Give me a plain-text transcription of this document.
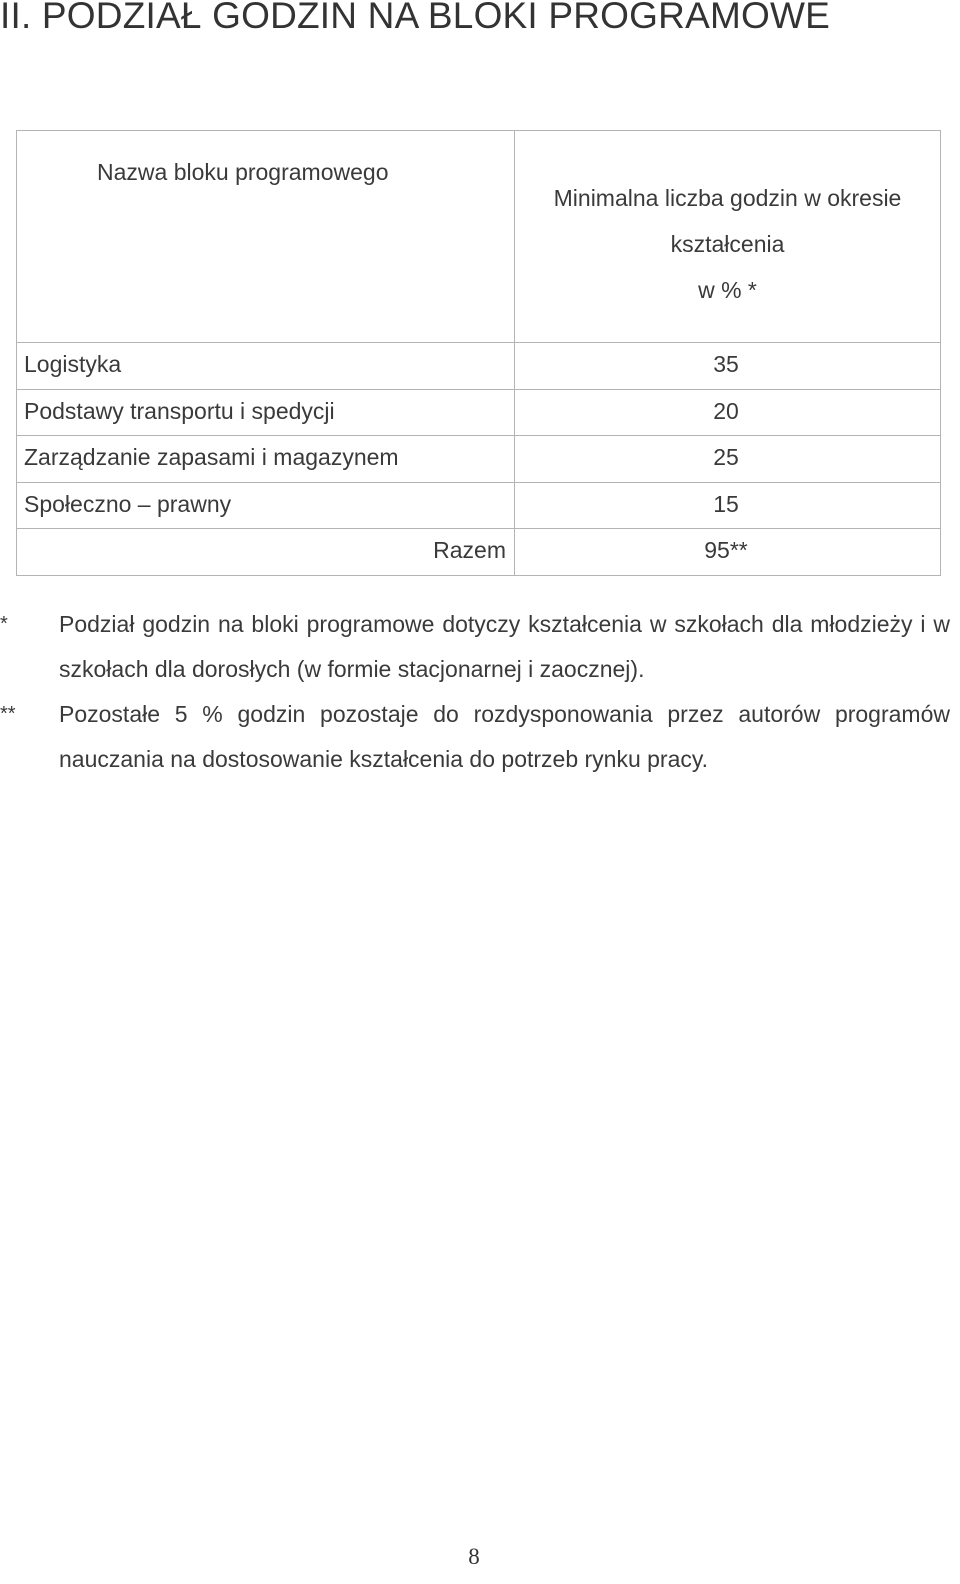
II. PODZIAŁ GODZIN NA BLOKI PROGRAMOWE
Nazwa bloku programowego
Minimalna liczba godzin w okresie
kształcenia
w % *
Logistyka	35
Podstawy transportu i spedycji	20
Zarządzanie zapasami i magazynem	25
Społeczno – prawny	15
Razem	95**
* Podział godzin na bloki programowe dotyczy kształcenia w szkołach dla młodzieży i w szkołach dla dorosłych (w formie stacjonarnej i zaocznej).
** Pozostałe 5 % godzin pozostaje do rozdysponowania przez autorów programów nauczania na dostosowanie kształcenia do potrzeb rynku pracy.
8
